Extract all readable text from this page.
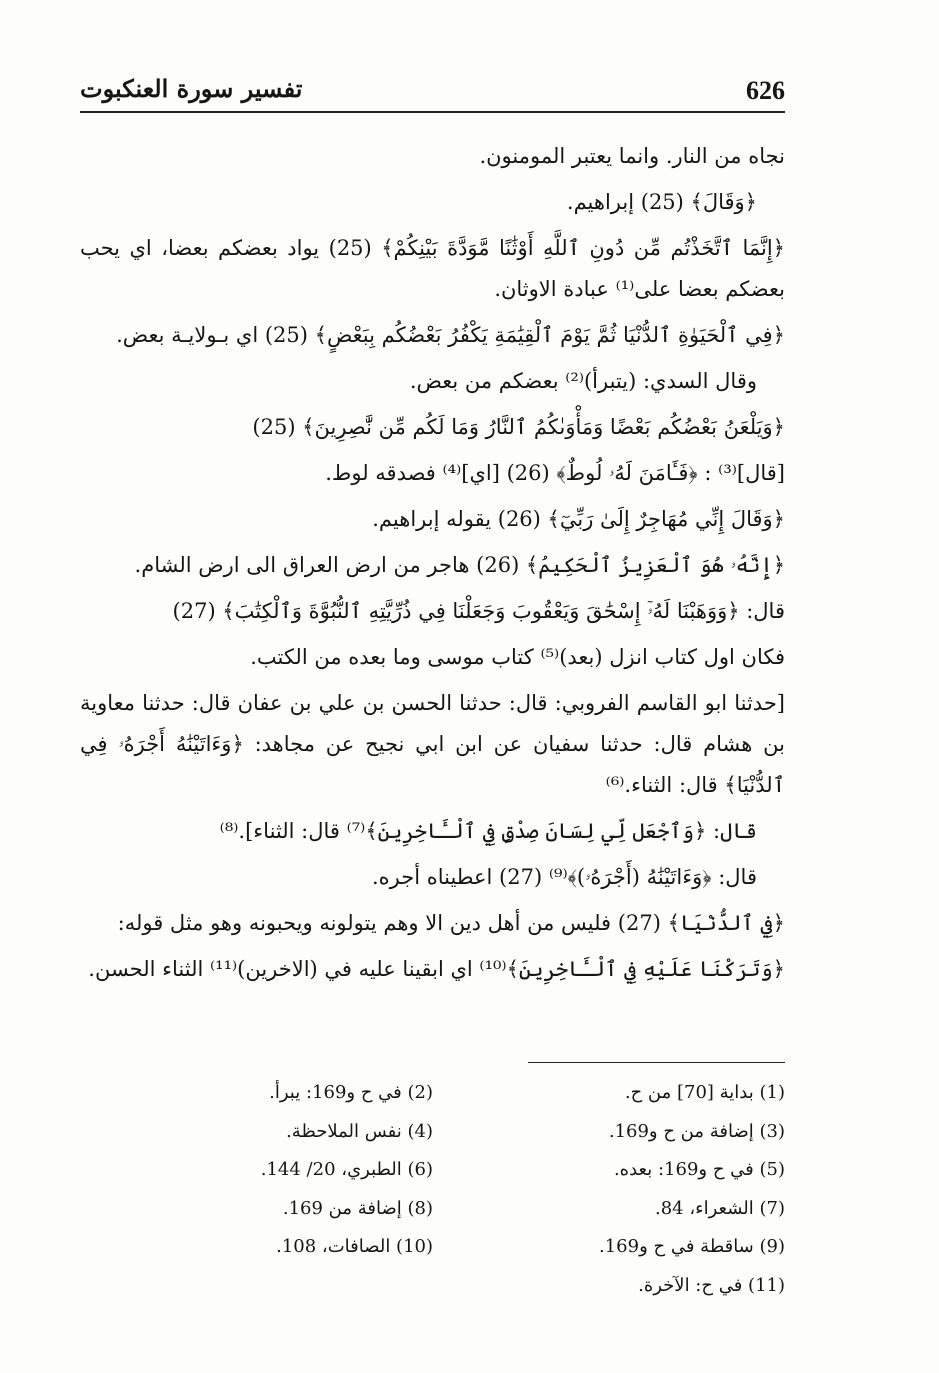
626
تفسير سورة العنكبوت

نجاه من النار. وانما يعتبر المومنون.

﴿وَقَالَ﴾ (25) إبراهيم.

﴿إِنَّمَا ٱتَّخَذْتُم مِّن دُونِ ٱللَّهِ أَوْثَٰنًا مَّوَدَّةَ بَيْنِكُمْ﴾ (25) يواد بعضكم بعضا، اي يحب بعضكم بعضا على⁽¹⁾ عبادة الاوثان.

﴿فِي ٱلْحَيَوٰةِ ٱلدُّنْيَا ثُمَّ يَوْمَ ٱلْقِيَٰمَةِ يَكْفُرُ بَعْضُكُم بِبَعْضٍ﴾ (25) اي بـولايـة بعض.

وقال السدي: (يتبرأ)⁽²⁾ بعضكم من بعض.

﴿وَيَلْعَنُ بَعْضُكُم بَعْضًا وَمَأْوَىٰكُمُ ٱلنَّارُ وَمَا لَكُم مِّن نَّٰصِرِينَ﴾ (25)

[قال]⁽³⁾ : ﴿فَـَٔامَنَ لَهُۥ لُوطٌ﴾ (26) [اي]⁽⁴⁾ فصدقه لوط.

﴿وَقَالَ إِنِّي مُهَاجِرٌ إِلَىٰ رَبِّيٓ﴾ (26) يقوله إبراهيم.

﴿إِنَّهُۥ هُوَ ٱلْعَزِيزُ ٱلْحَكِيمُ﴾ (26) هاجر من ارض العراق الى ارض الشام.

قال: ﴿وَوَهَبْنَا لَهُۥٓ إِسْحَٰقَ وَيَعْقُوبَ وَجَعَلْنَا فِي ذُرِّيَّتِهِ ٱلنُّبُوَّةَ وَٱلْكِتَٰبَ﴾ (27)

فكان اول كتاب انزل (بعد)⁽⁵⁾ كتاب موسى وما بعده من الكتب.

[حدثنا ابو القاسم الفروبي: قال: حدثنا الحسن بن علي بن عفان قال: حدثنا معاوية بن هشام قال: حدثنا سفيان عن ابن ابي نجيح عن مجاهد: ﴿وَءَاتَيْنَٰهُ أَجْرَهُۥ فِي ٱلدُّنْيَا﴾ قال: الثناء.⁽⁶⁾

قال: ﴿وَٱجْعَل لِّي لِسَانَ صِدْقٍ فِي ٱلْـَٔاخِرِينَ﴾⁽⁷⁾ قال: الثناء].⁽⁸⁾

قال: ﴿وَءَاتَيْنَٰهُ (أَجْرَهُۥ)﴾⁽⁹⁾ (27) اعطيناه أجره.

﴿فِي ٱلدُّنْيَا﴾ (27) فليس من أهل دين الا وهم يتولونه ويحبونه وهو مثل قوله:

﴿وَتَرَكْنَا عَلَيْهِ فِي ٱلْـَٔاخِرِينَ﴾⁽¹⁰⁾ اي ابقينا عليه في (الاخرين)⁽¹¹⁾ الثناء الحسن.

(1) بداية [70] من ح.
(2) في ح و169: يبرأ.
(3) إضافة من ح و169.
(4) نفس الملاحظة.
(5) في ح و169: بعده.
(6) الطبري، 20/ 144.
(7) الشعراء، 84.
(8) إضافة من 169.
(9) ساقطة في ح و169.
(10) الصافات، 108.
(11) في ح: الآخرة.
